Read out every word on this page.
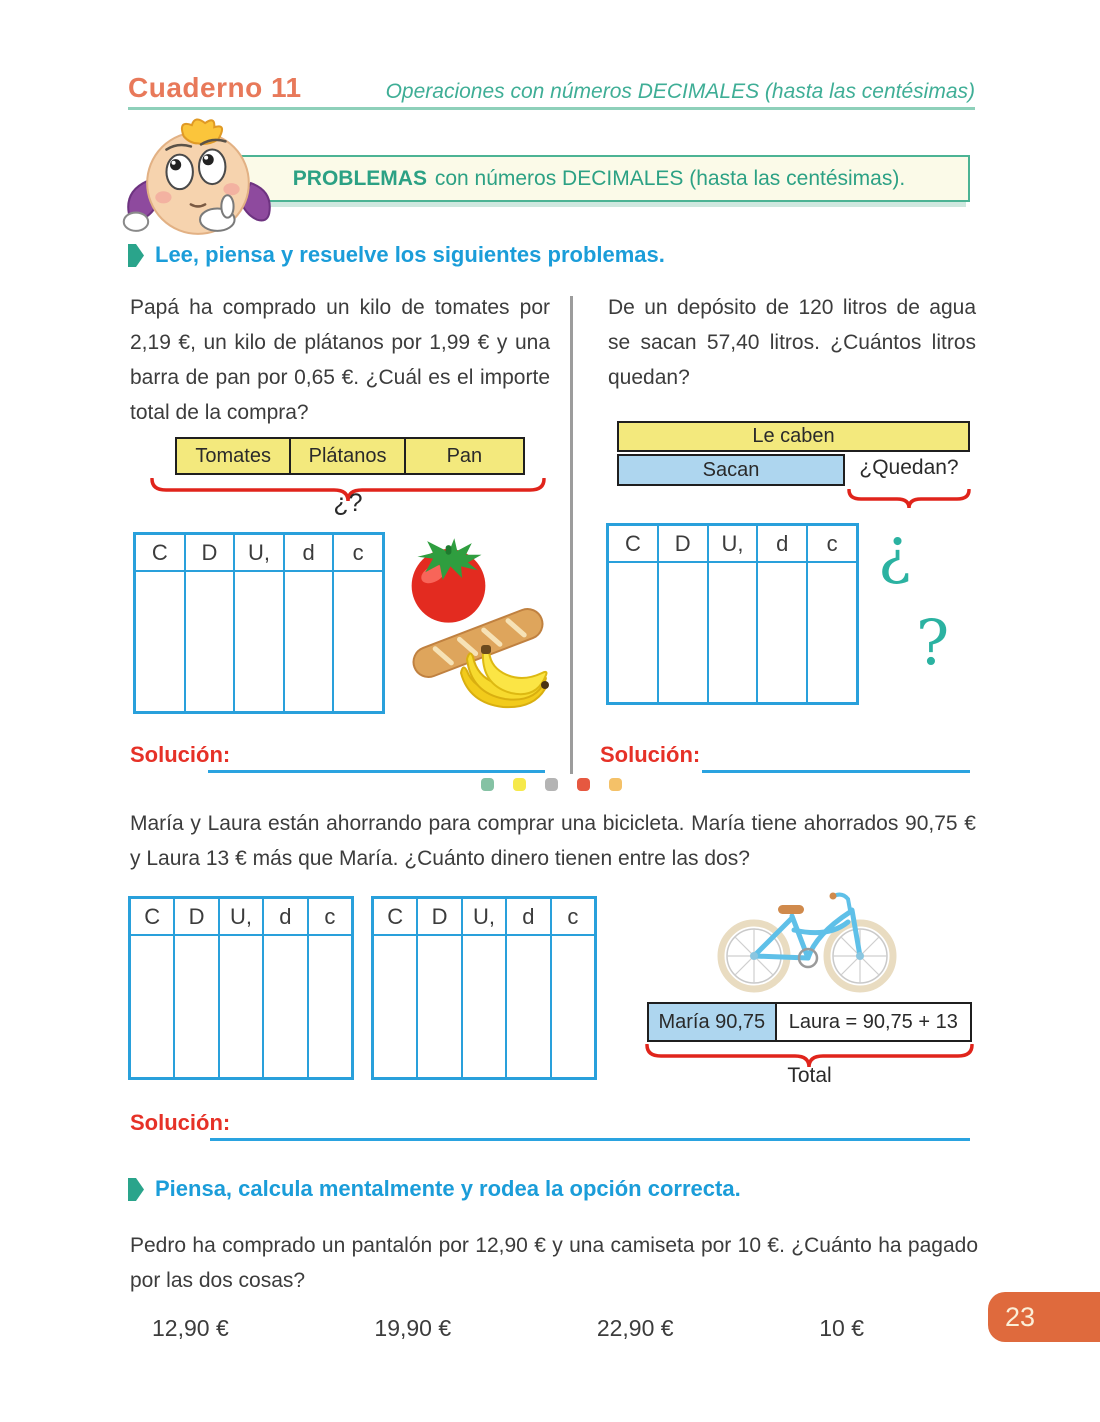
Cuaderno 11	Operaciones con números DECIMALES (hasta las centésimas)
PROBLEMAS con números DECIMALES (hasta las centésimas).
Lee, piensa y resuelve los siguientes problemas.
Papá ha comprado un kilo de tomates por 2,19 €, un kilo de plátanos por 1,99 € y una barra de pan por 0,65 €. ¿Cuál es el importe total de la compra?
De un depósito de 120 litros de agua se sacan 57,40 litros. ¿Cuántos litros quedan?
Tomates	Plátanos	Pan
¿?
C	D	U,	d	c
Le caben
Sacan	¿Quedan?
C	D	U,	d	c ¿
?
Solución:	Solución:
María y Laura están ahorrando para comprar una bicicleta. María tiene ahorrados 90,75 € y Laura 13 € más que María. ¿Cuánto dinero tienen entre las dos?
C	D	U,	d	c	C	D	U,	d	c
María 90,75	Laura = 90,75 + 13
Total
Solución:
Piensa, calcula mentalmente y rodea la opción correcta.
Pedro ha comprado un pantalón por 12,90 € y una camiseta por 10 €. ¿Cuánto ha pagado por las dos cosas?
12,90 €	19,90 €	22,90 €	10 €	23
